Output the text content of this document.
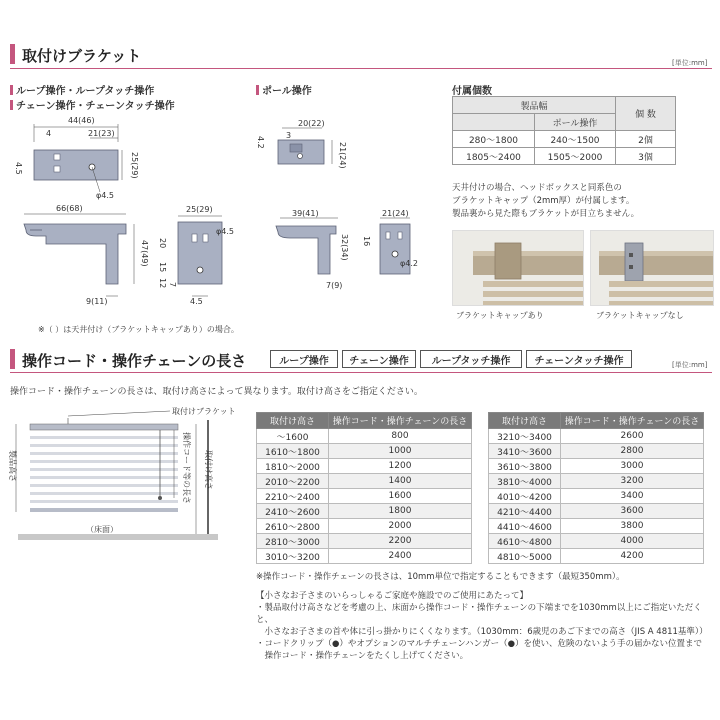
取付けブラケット	[単位:mm]
ループ操作・ループタッチ操作
チェーン操作・チェーンタッチ操作
ポール操作
44(46)
21(23)
4
φ4.5
25(29)
4.5
66(68)
47(49)
9(11)
25(29)
φ4.5
20
15
12 7
4.5
20(22)
3
4.2	21(24)
39(41)
32(34)
7(9)
21(24)
16
φ4.2
付属個数
製品幅		個 数
	ポール操作	
280～1800	240～1500	2個
1805～2400	1505～2000	3個
天井付けの場合、ヘッドボックスと同系色の
ブラケットキャップ（2mm厚）が付属します。
製品裏から見た際もブラケットが目立ちません。
ブラケットキャップあり	ブラケットキャップなし
※（ ）は天井付け（ブラケットキャップあり）の場合。
操作コード・操作チェーンの長さ	ループ操作	チェーン操作	ループタッチ操作	チェーンタッチ操作	[単位:mm]
操作コード・操作チェーンの長さは、取付け高さによって異なります。取付け高さをご指定ください。
取付けブラケット
製品高さ	操作コード等の長さ 取付け高さ
（床面）
取付け高さ	操作コード・操作チェーンの長さ
～1600	800
1610～1800	1000
1810～2000	1200
2010～2200	1400
2210～2400	1600
2410～2600	1800
2610～2800	2000
2810～3000	2200
3010～3200	2400
取付け高さ	操作コード・操作チェーンの長さ
3210～3400	2600
3410～3600	2800
3610～3800	3000
3810～4000	3200
4010～4200	3400
4210～4400	3600
4410～4600	3800
4610～4800	4000
4810～5000	4200
※操作コード・操作チェーンの長さは、10mm単位で指定することもできます（最短350mm）。
【小さなお子さまのいらっしゃるご家庭や施設でのご使用にあたって】
・製品取付け高さなどを考慮の上、床面から操作コード・操作チェーンの下端までを1030mm以上にご指定いただくと、
　小さなお子さまの首や体に引っ掛かりにくくなります。（1030mm：6歳児のあご下までの高さ（JIS A 4811基準））
・コードクリップ（●）やオプションのマルチチェーンハンガー（●）を使い、危険のないよう手の届かない位置まで
　操作コード・操作チェーンをたくし上げてください。
